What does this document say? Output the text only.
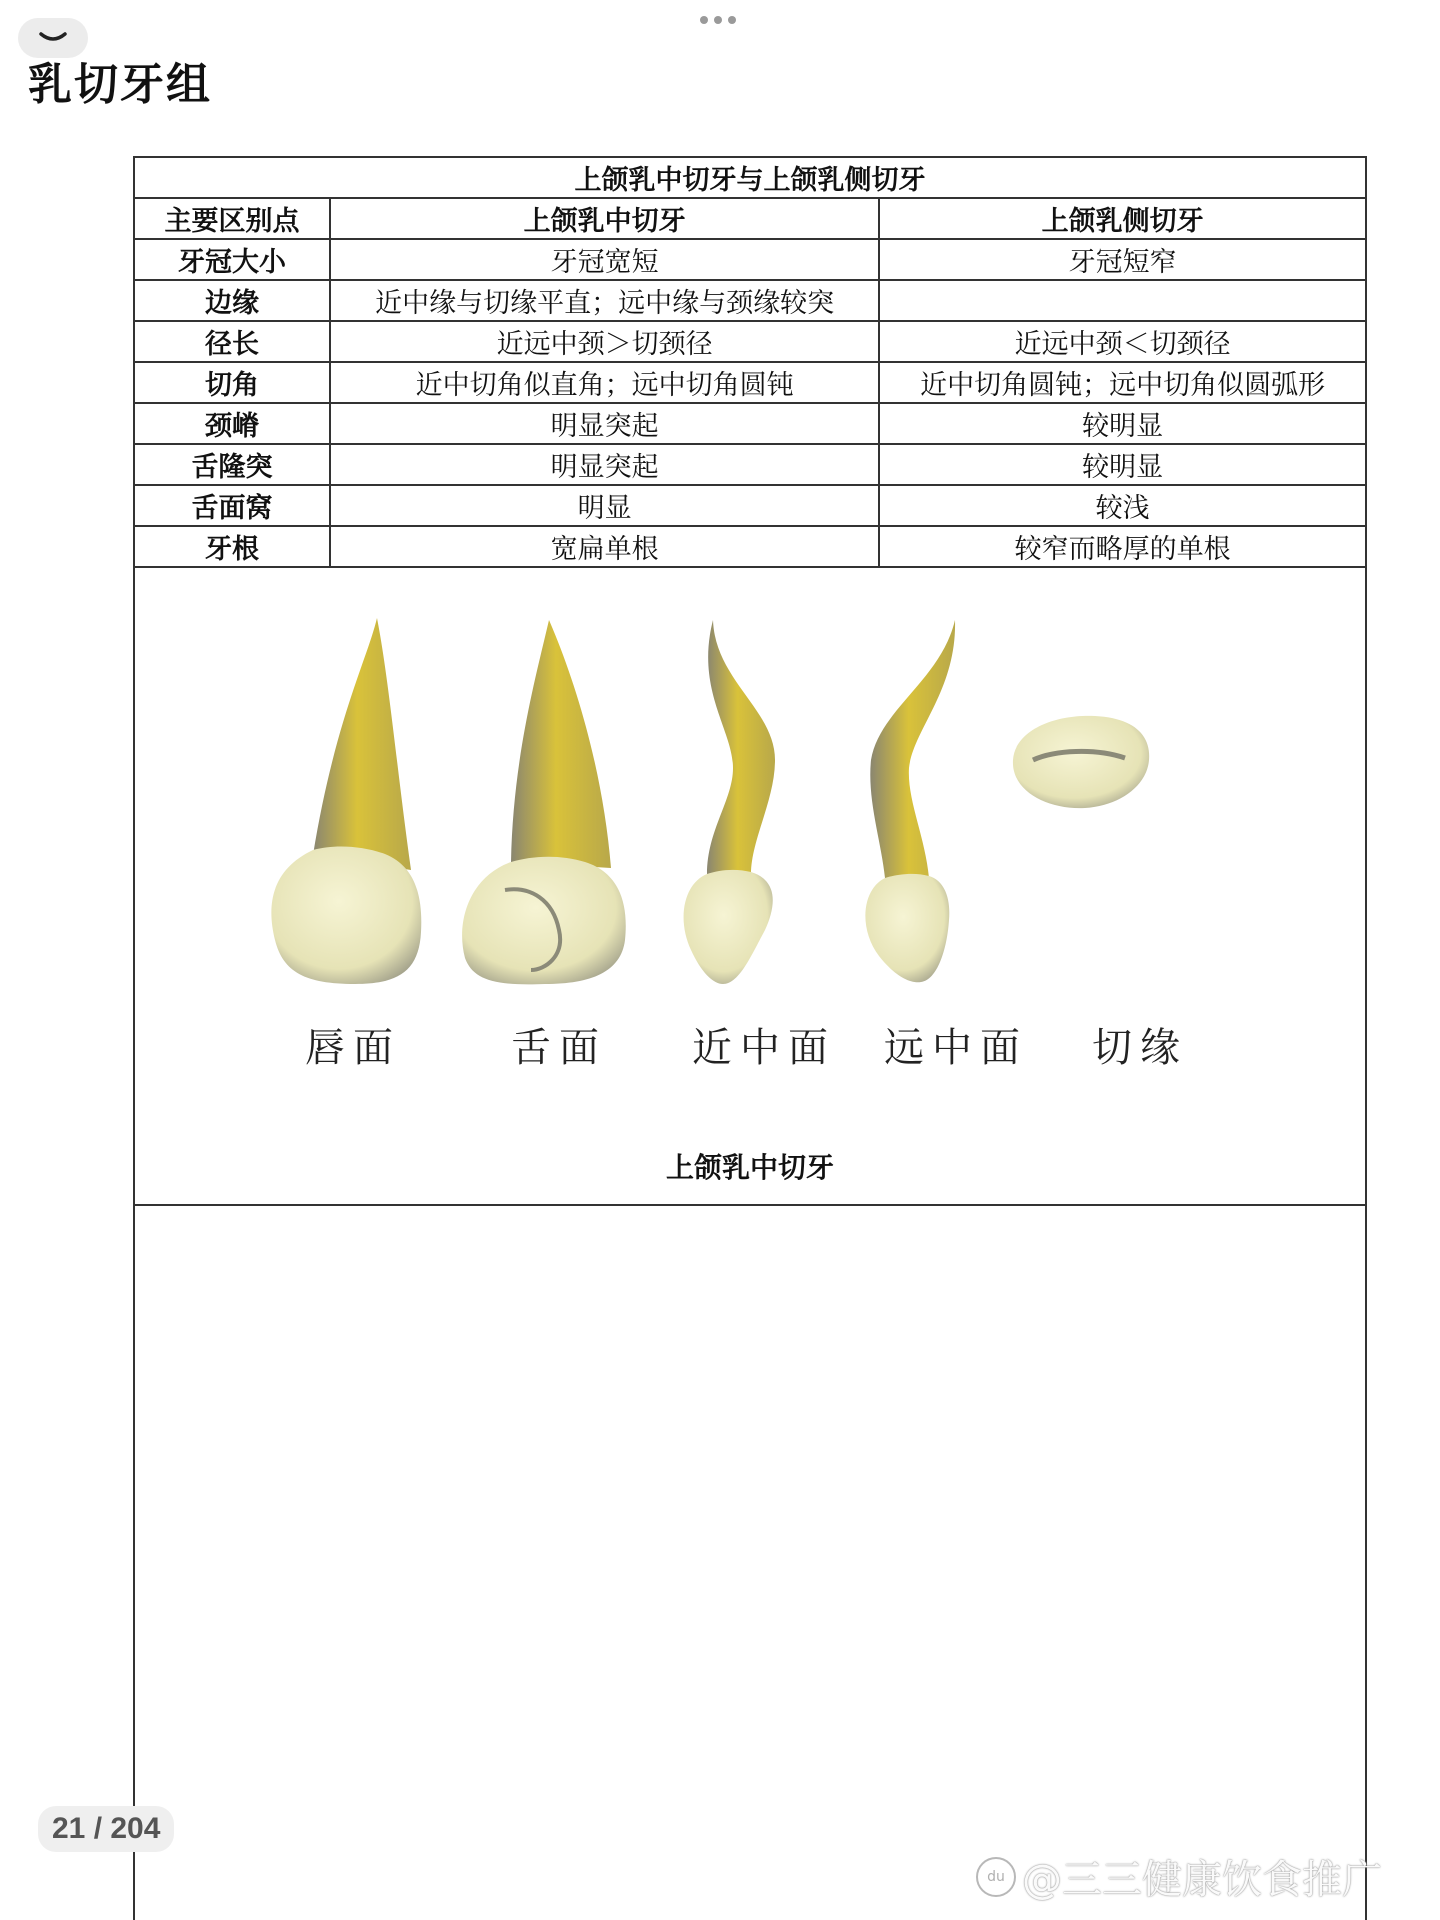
乳切牙组
上颌乳中切牙与上颌乳侧切牙		
主要区别点	上颌乳中切牙	上颌乳侧切牙
牙冠大小	牙冠宽短	牙冠短窄
边缘	近中缘与切缘平直；远中缘与颈缘较突	
径长	近远中颈＞切颈径	近远中颈＜切颈径
切角	近中切角似直角；远中切角圆钝	近中切角圆钝；远中切角似圆弧形
颈嵴	明显突起	较明显
舌隆突	明显突起	较明显
舌面窝	明显	较浅
牙根	宽扁单根	较窄而略厚的单根
唇面	舌面 近中面 远中面 切缘
上颌乳中切牙
21 / 204
du @三三健康饮食推广
